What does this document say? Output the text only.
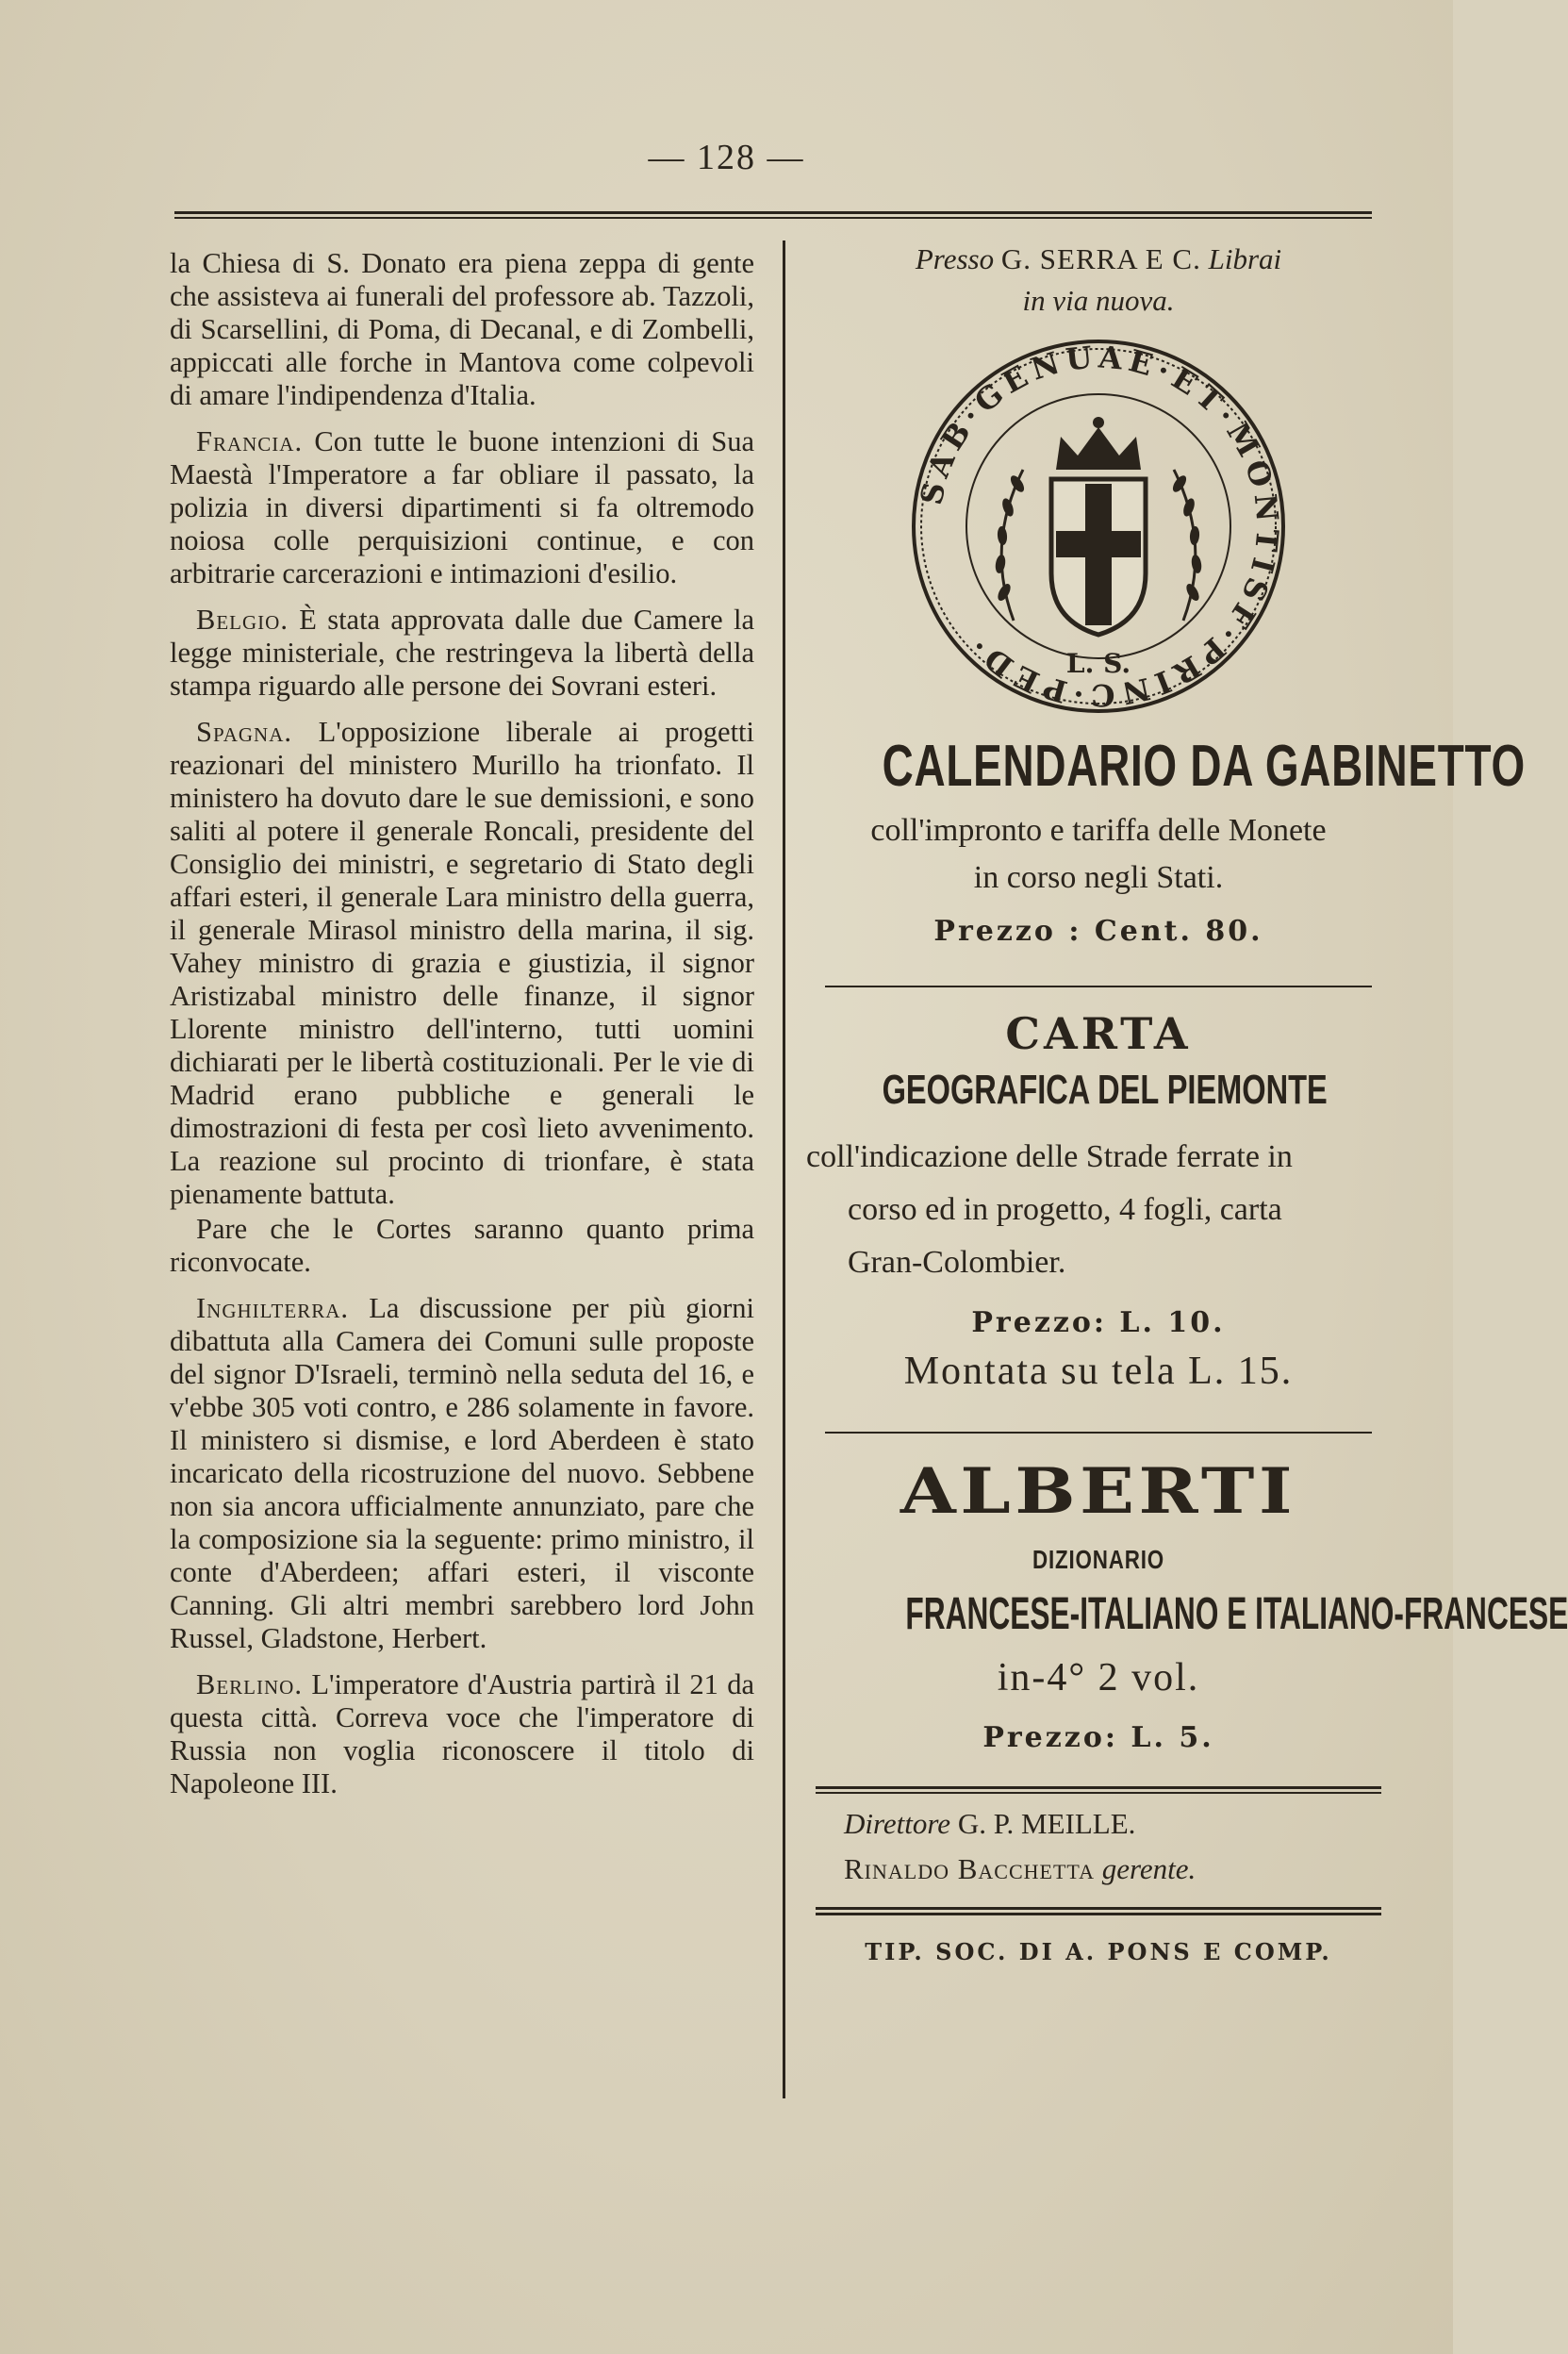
— 128 —

la Chiesa di S. Donato era piena zeppa di gente che assisteva ai funerali del professore ab. Tazzoli, di Scarsellini, di Poma, di Decanal, e di Zombelli, appiccati alle forche in Mantova come colpevoli di amare l'indipendenza d'Italia.

Francia. Con tutte le buone intenzioni di Sua Maestà l'Imperatore a far obliare il passato, la polizia in diversi dipartimenti si fa oltremodo noiosa colle perquisizioni continue, e con arbitrarie carcerazioni e intimazioni d'esilio.

Belgio. È stata approvata dalle due Camere la legge ministeriale, che restringeva la libertà della stampa riguardo alle persone dei Sovrani esteri.

Spagna. L'opposizione liberale ai progetti reazionari del ministero Murillo ha trionfato. Il ministero ha dovuto dare le sue demissioni, e sono saliti al potere il generale Roncali, presidente del Consiglio dei ministri, e segretario di Stato degli affari esteri, il generale Lara ministro della guerra, il generale Mirasol ministro della marina, il sig. Vahey ministro di grazia e giustizia, il signor Aristizabal ministro delle finanze, il signor Llorente ministro dell'interno, tutti uomini dichiarati per le libertà costituzionali. Per le vie di Madrid erano pubbliche e generali le dimostrazioni di festa per così lieto avvenimento. La reazione sul procinto di trionfare, è stata pienamente battuta.

Pare che le Cortes saranno quanto prima riconvocate.

Inghilterra. La discussione per più giorni dibattuta alla Camera dei Comuni sulle proposte del signor D'Israeli, terminò nella seduta del 16, e v'ebbe 305 voti contro, e 286 solamente in favore. Il ministero si dismise, e lord Aberdeen è stato incaricato della ricostruzione del nuovo. Sebbene non sia ancora ufficialmente annunziato, pare che la composizione sia la seguente: primo ministro, il conte d'Aberdeen; affari esteri, il visconte Canning. Gli altri membri sarebbero lord John Russel, Gladstone, Herbert.

Berlino. L'imperatore d'Austria partirà il 21 da questa città. Correva voce che l'imperatore di Russia non voglia riconoscere il titolo di Napoleone III.

Presso G. SERRA E C. Librai
in via nuova.
SAB·GENUAE·ET·MONTISF·PRINC·PED·
L. S.
CALENDARIO DA GABINETTO
coll'impronto e tariffa delle Monete
in corso negli Stati.
Prezzo : Cent. 80.
CARTA
GEOGRAFICA DEL PIEMONTE
coll'indicazione delle Strade ferrate in
corso ed in progetto, 4 fogli, carta
Gran-Colombier.
Prezzo: L. 10.
Montata su tela L. 15.
ALBERTI
DIZIONARIO
FRANCESE-ITALIANO E ITALIANO-FRANCESE
in-4° 2 vol.
Prezzo: L. 5.
Direttore G. P. MEILLE.
Rinaldo Bacchetta gerente.
TIP. SOC. DI A. PONS E COMP.
